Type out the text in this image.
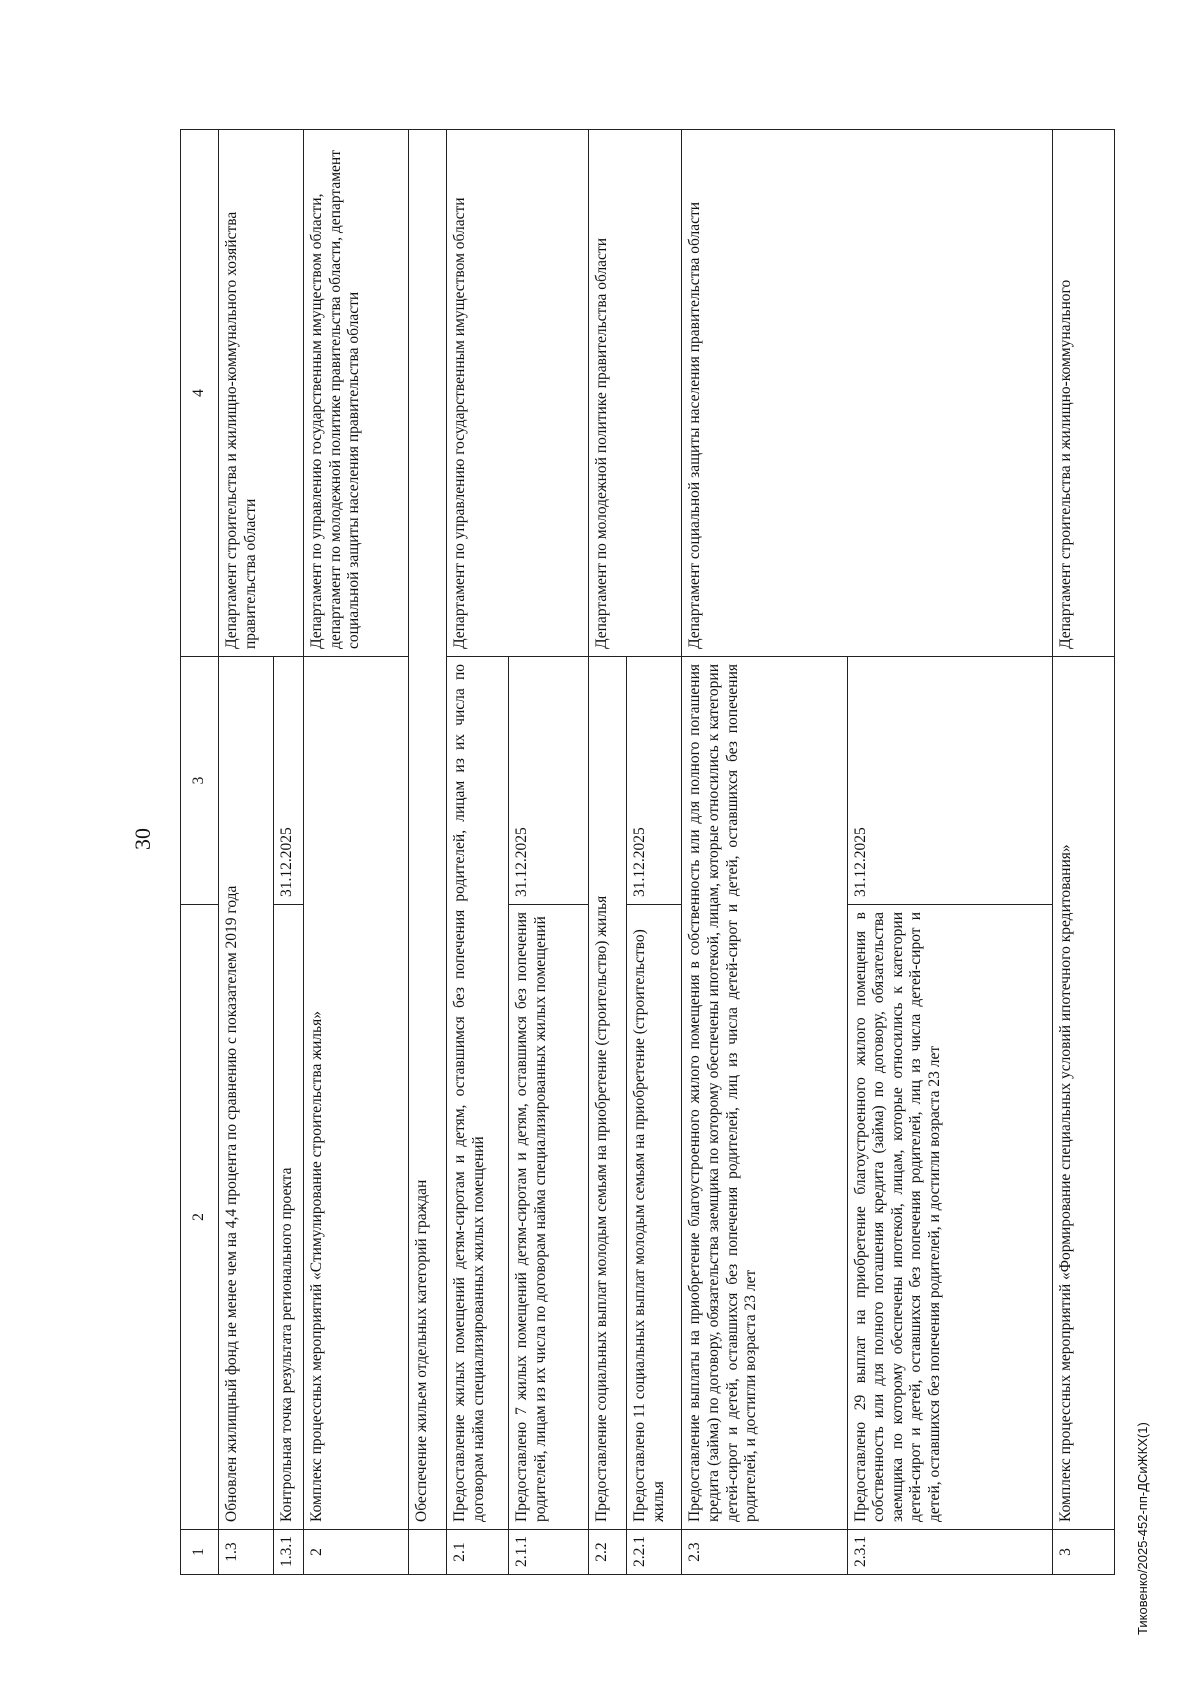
30
1	2	3	4
1.3	Обновлен жилищный фонд не менее чем на 4,4 процента по сравнению с показателем 2019 года		Департамент строительства и жилищно-коммунального хозяйства правительства области
1.3.1	Контрольная точка результата регионального проекта	31.12.2025	
2	Комплекс процессных мероприятий «Стимулирование строительства жилья»		Департамент по управлению государственным имуществом области, департамент по молодежной политике правительства области, департамент социальной защиты населения правительства области
	Обеспечение жильем отдельных категорий граждан		
2.1	Предоставление жилых помещений детям-сиротам и детям, оставшимся без попечения родителей, лицам из их числа по договорам найма специализированных жилых помещений		Департамент по управлению государственным имуществом области
2.1.1	Предоставлено 7 жилых помещений детям-сиротам и детям, оставшимся без попечения родителей, лицам из их числа по договорам найма специализированных жилых помещений	31.12.2025	
2.2	Предоставление социальных выплат молодым семьям на приобретение (строительство) жилья		Департамент по молодежной политике правительства области
2.2.1	Предоставлено 11 социальных выплат молодым семьям на приобретение (строительство) жилья	31.12.2025	
2.3	Предоставление выплаты на приобретение благоустроенного жилого помещения в собственность или для полного погашения кредита (займа) по договору, обязательства заемщика по которому обеспечены ипотекой, лицам, которые относились к категории детей-сирот и детей, оставшихся без попечения родителей, лиц из числа детей-сирот и детей, оставшихся без попечения родителей, и достигли возраста 23 лет		Департамент социальной защиты населения правительства области
2.3.1	Предоставлено 29 выплат на приобретение благоустроенного жилого помещения в собственность или для полного погашения кредита (займа) по договору, обязательства заемщика по которому обеспечены ипотекой, лицам, которые относились к категории детей-сирот и детей, оставшихся без попечения родителей, лиц из числа детей-сирот и детей, оставшихся без попечения родителей, и достигли возраста 23 лет	31.12.2025	
3	Комплекс процессных мероприятий «Формирование специальных условий ипотечного кредитования»		Департамент строительства и жилищно-коммунального
Тиковенко/2025-452-пп-ДСиЖКХ(1)
